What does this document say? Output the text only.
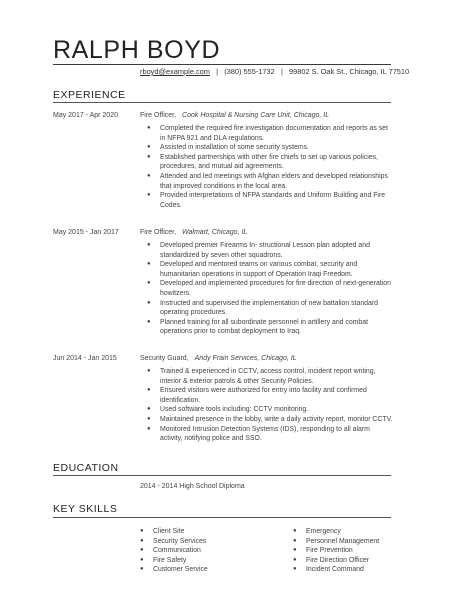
RALPH BOYD
rboyd@example.com | (380) 555-1732 | 99802 S. Oak St., Chicago, IL 77510
EXPERIENCE
May 2017 - Apr 2020	Fire Officer, Cook Hospital & Nursing Care Unit, Chicago, IL
● Completed the required fire investigation documentation and reports as set in NFPA 921 and DLA regulations.
● Assisted in installation of some security systems.
● Established partnerships with other fire chiefs to set up various policies, procedures, and mutual aid agreements.
● Attended and led meetings with Afghan elders and developed relationships that improved conditions in the local area.
● Provided interpretations of NFPA standards and Uniform Building and Fire Codes.
May 2015 - Jan 2017	Fire Officer, Walmart, Chicago, IL
● Developed premier Firearms In- structional Lesson plan adopted and standardized by seven other squadrons.
● Developed and mentored teams on various combat, security and humanitarian operations in support of Operation Iraqi Freedom.
● Developed and implemented procedures for fire direction of next-generation howitzers.
● Instructed and supervised the implementation of new battalion standard operating procedures.
● Planned training for all subordinate personnel in artillery and combat operations prior to combat deployment to Iraq.
Jun 2014 - Jan 2015	Security Guard, Andy Frain Services, Chicago, IL
● Trained & experienced in CCTV, access control, incident report writing, interior & exterior patrols & other Security Policies.
● Ensured visitors were authorized for entry into facility and confirmed identification.
● Used software tools including: CCTV monitoring.
● Maintained presence in the lobby, write a daily activity report, monitor CCTV.
● Monitored Intrusion Detection Systems (IDS), responding to all alarm activity, notifying police and SSO.
EDUCATION
2014 - 2014 High School Diploma
KEY SKILLS
● Client Site
● Security Services
● Communication
● Fire Safety
● Customer Service
● Emergency
● Personnel Management
● Fire Prevention
● Fire Direction Officer
● Incident Command
